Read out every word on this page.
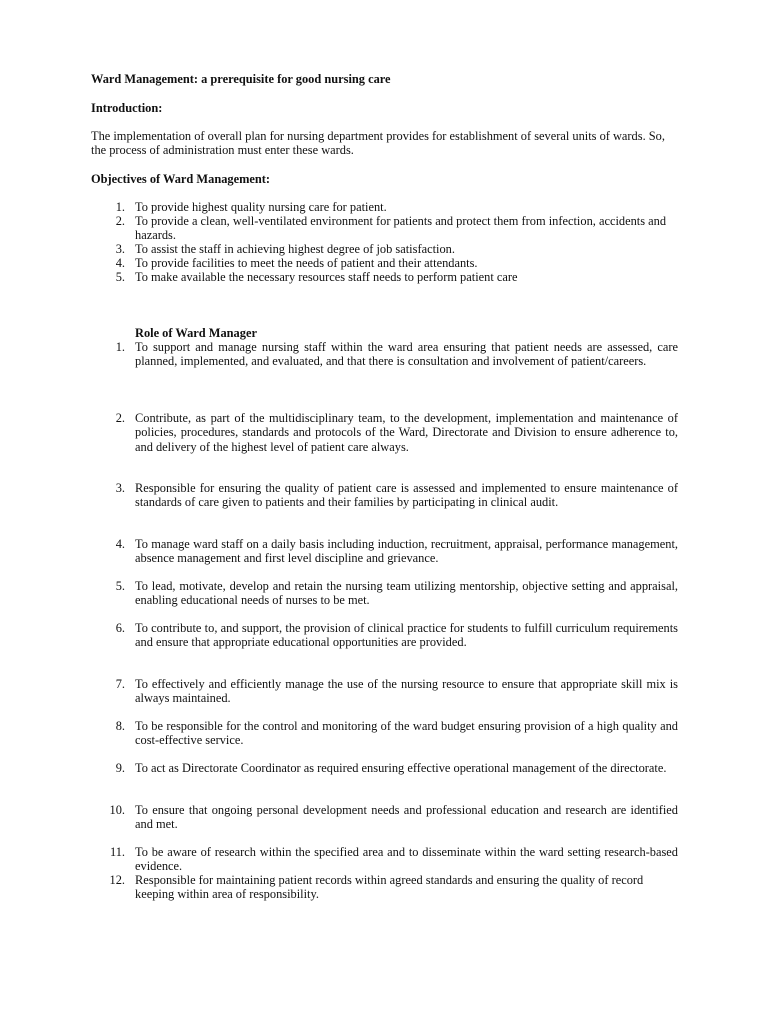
Ward Management: a prerequisite for good nursing care
Introduction:
The implementation of overall plan for nursing department provides for establishment of several units of wards. So, the process of administration must enter these wards.
Objectives of Ward Management:
1. To provide highest quality nursing care for patient.
2. To provide a clean, well-ventilated environment for patients and protect them from infection, accidents and hazards.
3. To assist the staff in achieving highest degree of job satisfaction.
4. To provide facilities to meet the needs of patient and their attendants.
5. To make available the necessary resources staff needs to perform patient care
Role of Ward Manager
1. To support and manage nursing staff within the ward area ensuring that patient needs are assessed, care planned, implemented, and evaluated, and that there is consultation and involvement of patient/careers.
2. Contribute, as part of the multidisciplinary team, to the development, implementation and maintenance of policies, procedures, standards and protocols of the Ward, Directorate and Division to ensure adherence to, and delivery of the highest level of patient care always.
3. Responsible for ensuring the quality of patient care is assessed and implemented to ensure maintenance of standards of care given to patients and their families by participating in clinical audit.
4. To manage ward staff on a daily basis including induction, recruitment, appraisal, performance management, absence management and first level discipline and grievance.
5. To lead, motivate, develop and retain the nursing team utilizing mentorship, objective setting and appraisal, enabling educational needs of nurses to be met.
6. To contribute to, and support, the provision of clinical practice for students to fulfill curriculum requirements and ensure that appropriate educational opportunities are provided.
7. To effectively and efficiently manage the use of the nursing resource to ensure that appropriate skill mix is always maintained.
8. To be responsible for the control and monitoring of the ward budget ensuring provision of a high quality and cost-effective service.
9. To act as Directorate Coordinator as required ensuring effective operational management of the directorate.
10. To ensure that ongoing personal development needs and professional education and research are identified and met.
11. To be aware of research within the specified area and to disseminate within the ward setting research-based evidence.
12. Responsible for maintaining patient records within agreed standards and ensuring the quality of record keeping within area of responsibility.
